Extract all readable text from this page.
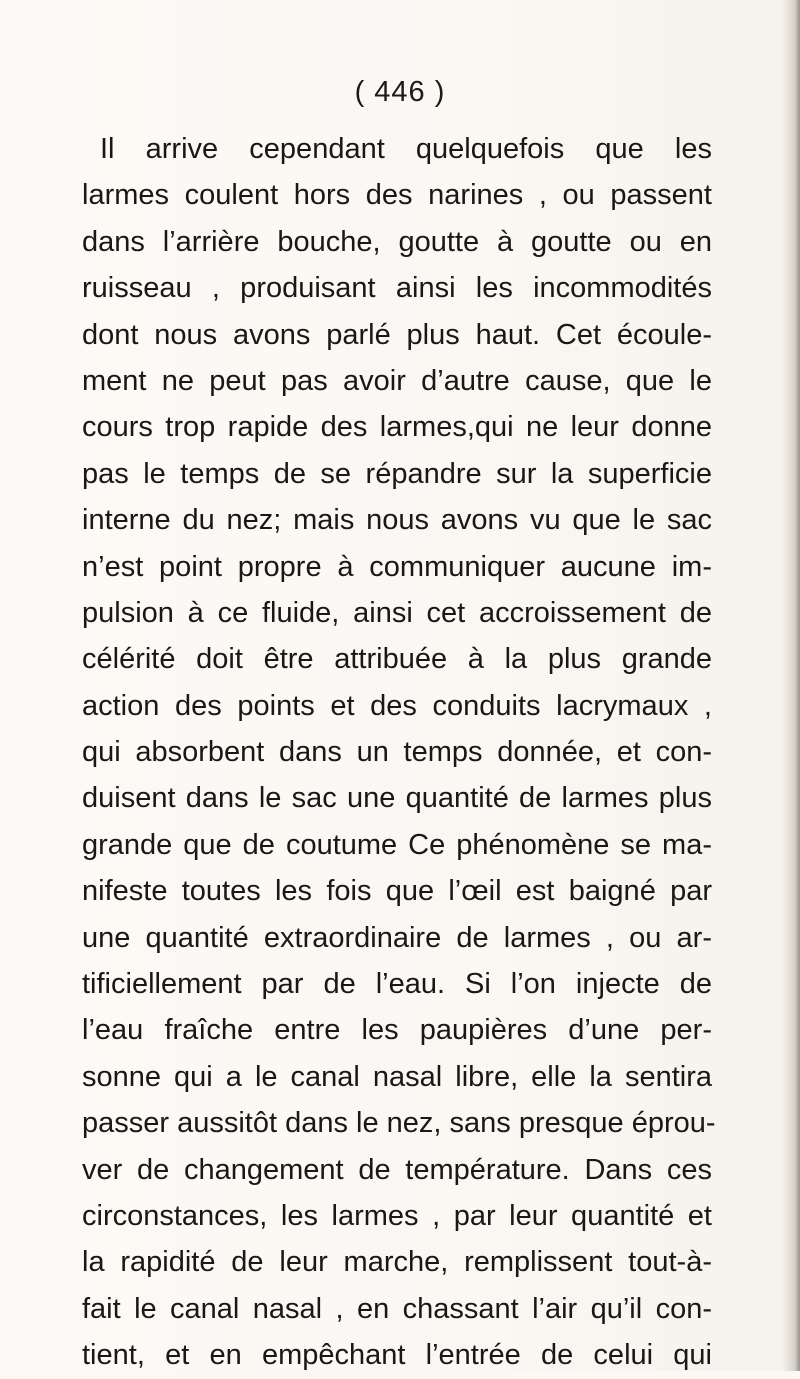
( 446 )
Il arrive cependant quelquefois que les
larmes coulent hors des narines , ou passent
dans l’arrière bouche, goutte à goutte ou en
ruisseau , produisant ainsi les incommodités
dont nous avons parlé plus haut. Cet écoule-
ment ne peut pas avoir d’autre cause, que le
cours trop rapide des larmes,qui ne leur donne
pas le temps de se répandre sur la superficie
interne du nez; mais nous avons vu que le sac
n’est point propre à communiquer aucune im-
pulsion à ce fluide, ainsi cet accroissement de
célérité doit être attribuée à la plus grande
action des points et des conduits lacrymaux ,
qui absorbent dans un temps donnée, et con-
duisent dans le sac une quantité de larmes plus
grande que de coutume Ce phénomène se ma-
nifeste toutes les fois que l’œil est baigné par
une quantité extraordinaire de larmes , ou ar-
tificiellement par de l’eau. Si l’on injecte de
l’eau fraîche entre les paupières d’une per-
sonne qui a le canal nasal libre, elle la sentira
passer aussitôt dans le nez, sans presque éprou-
ver de changement de température. Dans ces
circonstances, les larmes , par leur quantité et
la rapidité de leur marche, remplissent tout-à-
fait le canal nasal , en chassant l’air qu’il con-
tient, et en empêchant l’entrée de celui qui
